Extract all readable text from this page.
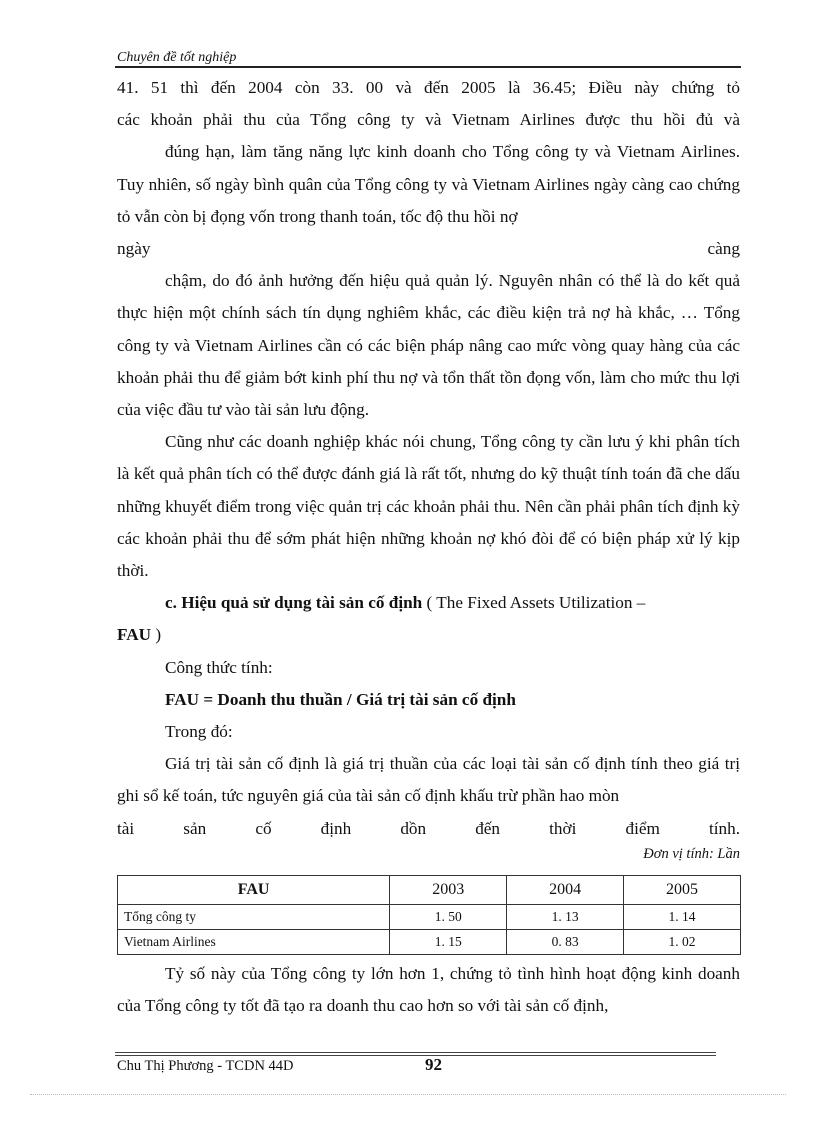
Chuyên đề tốt nghiệp

41. 51 thì đến 2004 còn 33. 00 và đến 2005 là 36.45; Điều này chứng tỏ

các khoản phải thu của Tổng công ty và Vietnam Airlines được thu hồi đủ và

đúng hạn, làm tăng năng lực kinh doanh cho Tổng công ty và Vietnam Airlines. Tuy nhiên, số ngày bình quân của Tổng công ty và Vietnam Airlines ngày càng cao chứng tỏ vẫn còn bị đọng vốn trong thanh toán, tốc độ thu hồi nợ

ngày càng

chậm, do đó ảnh hưởng đến hiệu quả quản lý. Nguyên nhân có thể là do kết quả thực hiện một chính sách tín dụng nghiêm khắc, các điều kiện trả nợ hà khắc, … Tổng công ty và Vietnam Airlines cần có các biện pháp nâng cao mức vòng quay hàng của các khoản phải thu để giảm bớt kinh phí thu nợ và tổn thất tồn đọng vốn, làm cho mức thu lợi của việc đầu tư vào tài sản lưu động.

Cũng như các doanh nghiệp khác nói chung, Tổng công ty cần lưu ý khi phân tích là kết quả phân tích có thể được đánh giá là rất tốt, nhưng do kỹ thuật tính toán đã che dấu những khuyết điểm trong việc quản trị các khoản phải thu. Nên cần phải phân tích định kỳ các khoản phải thu để sớm phát hiện những khoản nợ khó đòi để có biện pháp xử lý kịp thời.

c. Hiệu quả sử dụng tài sản cố định ( The Fixed Assets Utilization –
FAU )

Công thức tính:

FAU = Doanh thu thuần / Giá trị tài sản cố định

Trong đó:

Giá trị tài sản cố định là giá trị thuần của các loại tài sản cố định tính theo giá trị ghi sổ kế toán, tức nguyên giá của tài sản cố định khấu trừ phần hao mòn

tài sản cố định dồn đến thời điểm tính.

Đơn vị tính: Lần
FAU	2003	2004	2005
Tổng công ty	1. 50	1. 13	1. 14
Vietnam Airlines	1. 15	0. 83	1. 02

Tỷ số này của Tổng công ty lớn hơn 1, chứng tỏ tình hình hoạt động kinh doanh của Tổng công ty tốt đã tạo ra doanh thu cao hơn so với tài sản cố định,

Chu Thị Phương - TCDN 44D	92
